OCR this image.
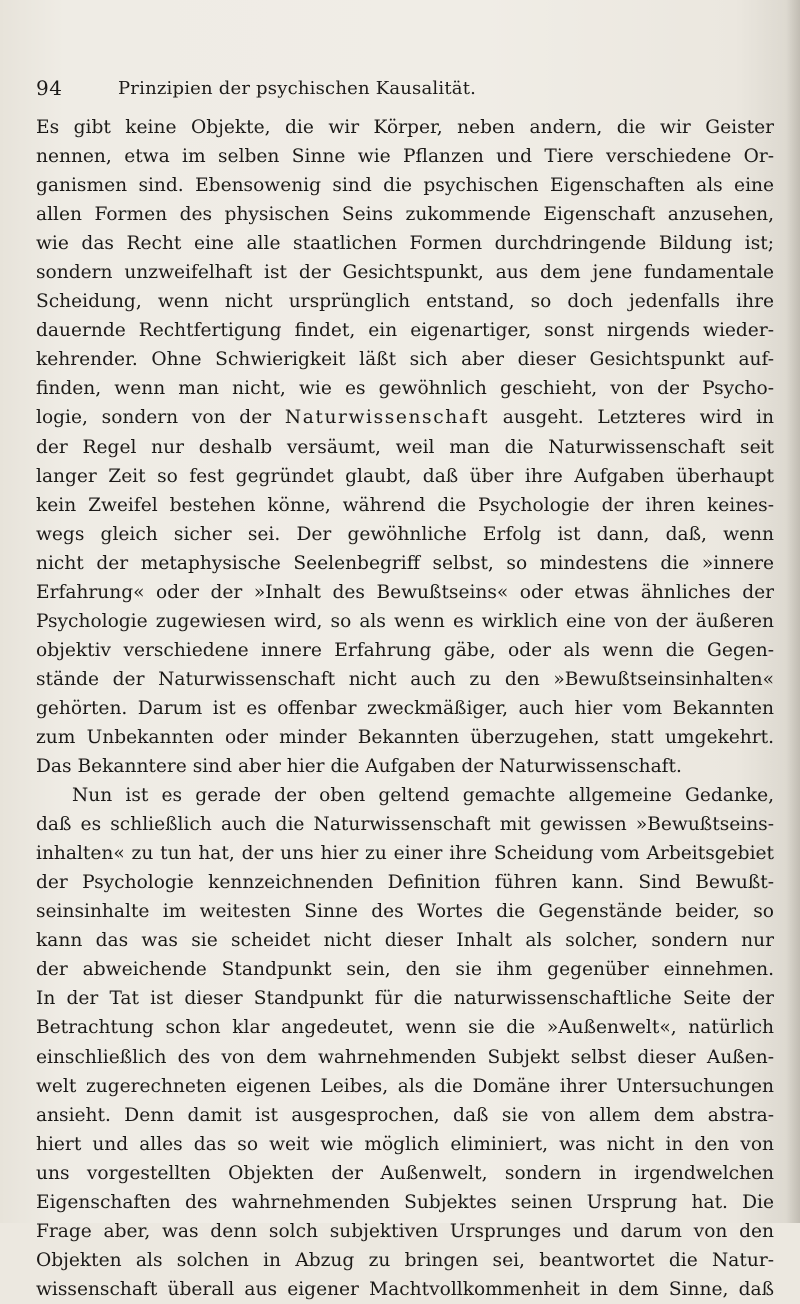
94	Prinzipien der psychischen Kausalität.
Es gibt keine Objekte, die wir Körper, neben andern, die wir Geister
nennen, etwa im selben Sinne wie Pflanzen und Tiere verschiedene Or-
ganismen sind. Ebensowenig sind die psychischen Eigenschaften als eine
allen Formen des physischen Seins zukommende Eigenschaft anzusehen,
wie das Recht eine alle staatlichen Formen durchdringende Bildung ist;
sondern unzweifelhaft ist der Gesichtspunkt, aus dem jene fundamentale
Scheidung, wenn nicht ursprünglich entstand, so doch jedenfalls ihre
dauernde Rechtfertigung findet, ein eigenartiger, sonst nirgends wieder-
kehrender. Ohne Schwierigkeit läßt sich aber dieser Gesichtspunkt auf-
finden, wenn man nicht, wie es gewöhnlich geschieht, von der Psycho-
logie, sondern von der Naturwissenschaft ausgeht. Letzteres wird in
der Regel nur deshalb versäumt, weil man die Naturwissenschaft seit
langer Zeit so fest gegründet glaubt, daß über ihre Aufgaben überhaupt
kein Zweifel bestehen könne, während die Psychologie der ihren keines-
wegs gleich sicher sei. Der gewöhnliche Erfolg ist dann, daß, wenn
nicht der metaphysische Seelenbegriff selbst, so mindestens die »innere
Erfahrung« oder der »Inhalt des Bewußtseins« oder etwas ähnliches der
Psychologie zugewiesen wird, so als wenn es wirklich eine von der äußeren
objektiv verschiedene innere Erfahrung gäbe, oder als wenn die Gegen-
stände der Naturwissenschaft nicht auch zu den »Bewußtseinsinhalten«
gehörten. Darum ist es offenbar zweckmäßiger, auch hier vom Bekannten
zum Unbekannten oder minder Bekannten überzugehen, statt umgekehrt.
Das Bekanntere sind aber hier die Aufgaben der Naturwissenschaft.
Nun ist es gerade der oben geltend gemachte allgemeine Gedanke,
daß es schließlich auch die Naturwissenschaft mit gewissen »Bewußtseins-
inhalten« zu tun hat, der uns hier zu einer ihre Scheidung vom Arbeitsgebiet
der Psychologie kennzeichnenden Definition führen kann. Sind Bewußt-
seinsinhalte im weitesten Sinne des Wortes die Gegenstände beider, so
kann das was sie scheidet nicht dieser Inhalt als solcher, sondern nur
der abweichende Standpunkt sein, den sie ihm gegenüber einnehmen.
In der Tat ist dieser Standpunkt für die naturwissenschaftliche Seite der
Betrachtung schon klar angedeutet, wenn sie die »Außenwelt«, natürlich
einschließlich des von dem wahrnehmenden Subjekt selbst dieser Außen-
welt zugerechneten eigenen Leibes, als die Domäne ihrer Untersuchungen
ansieht. Denn damit ist ausgesprochen, daß sie von allem dem abstra-
hiert und alles das so weit wie möglich eliminiert, was nicht in den von
uns vorgestellten Objekten der Außenwelt, sondern in irgendwelchen
Eigenschaften des wahrnehmenden Subjektes seinen Ursprung hat. Die
Frage aber, was denn solch subjektiven Ursprunges und darum von den
Objekten als solchen in Abzug zu bringen sei, beantwortet die Natur-
wissenschaft überall aus eigener Machtvollkommenheit in dem Sinne, daß
